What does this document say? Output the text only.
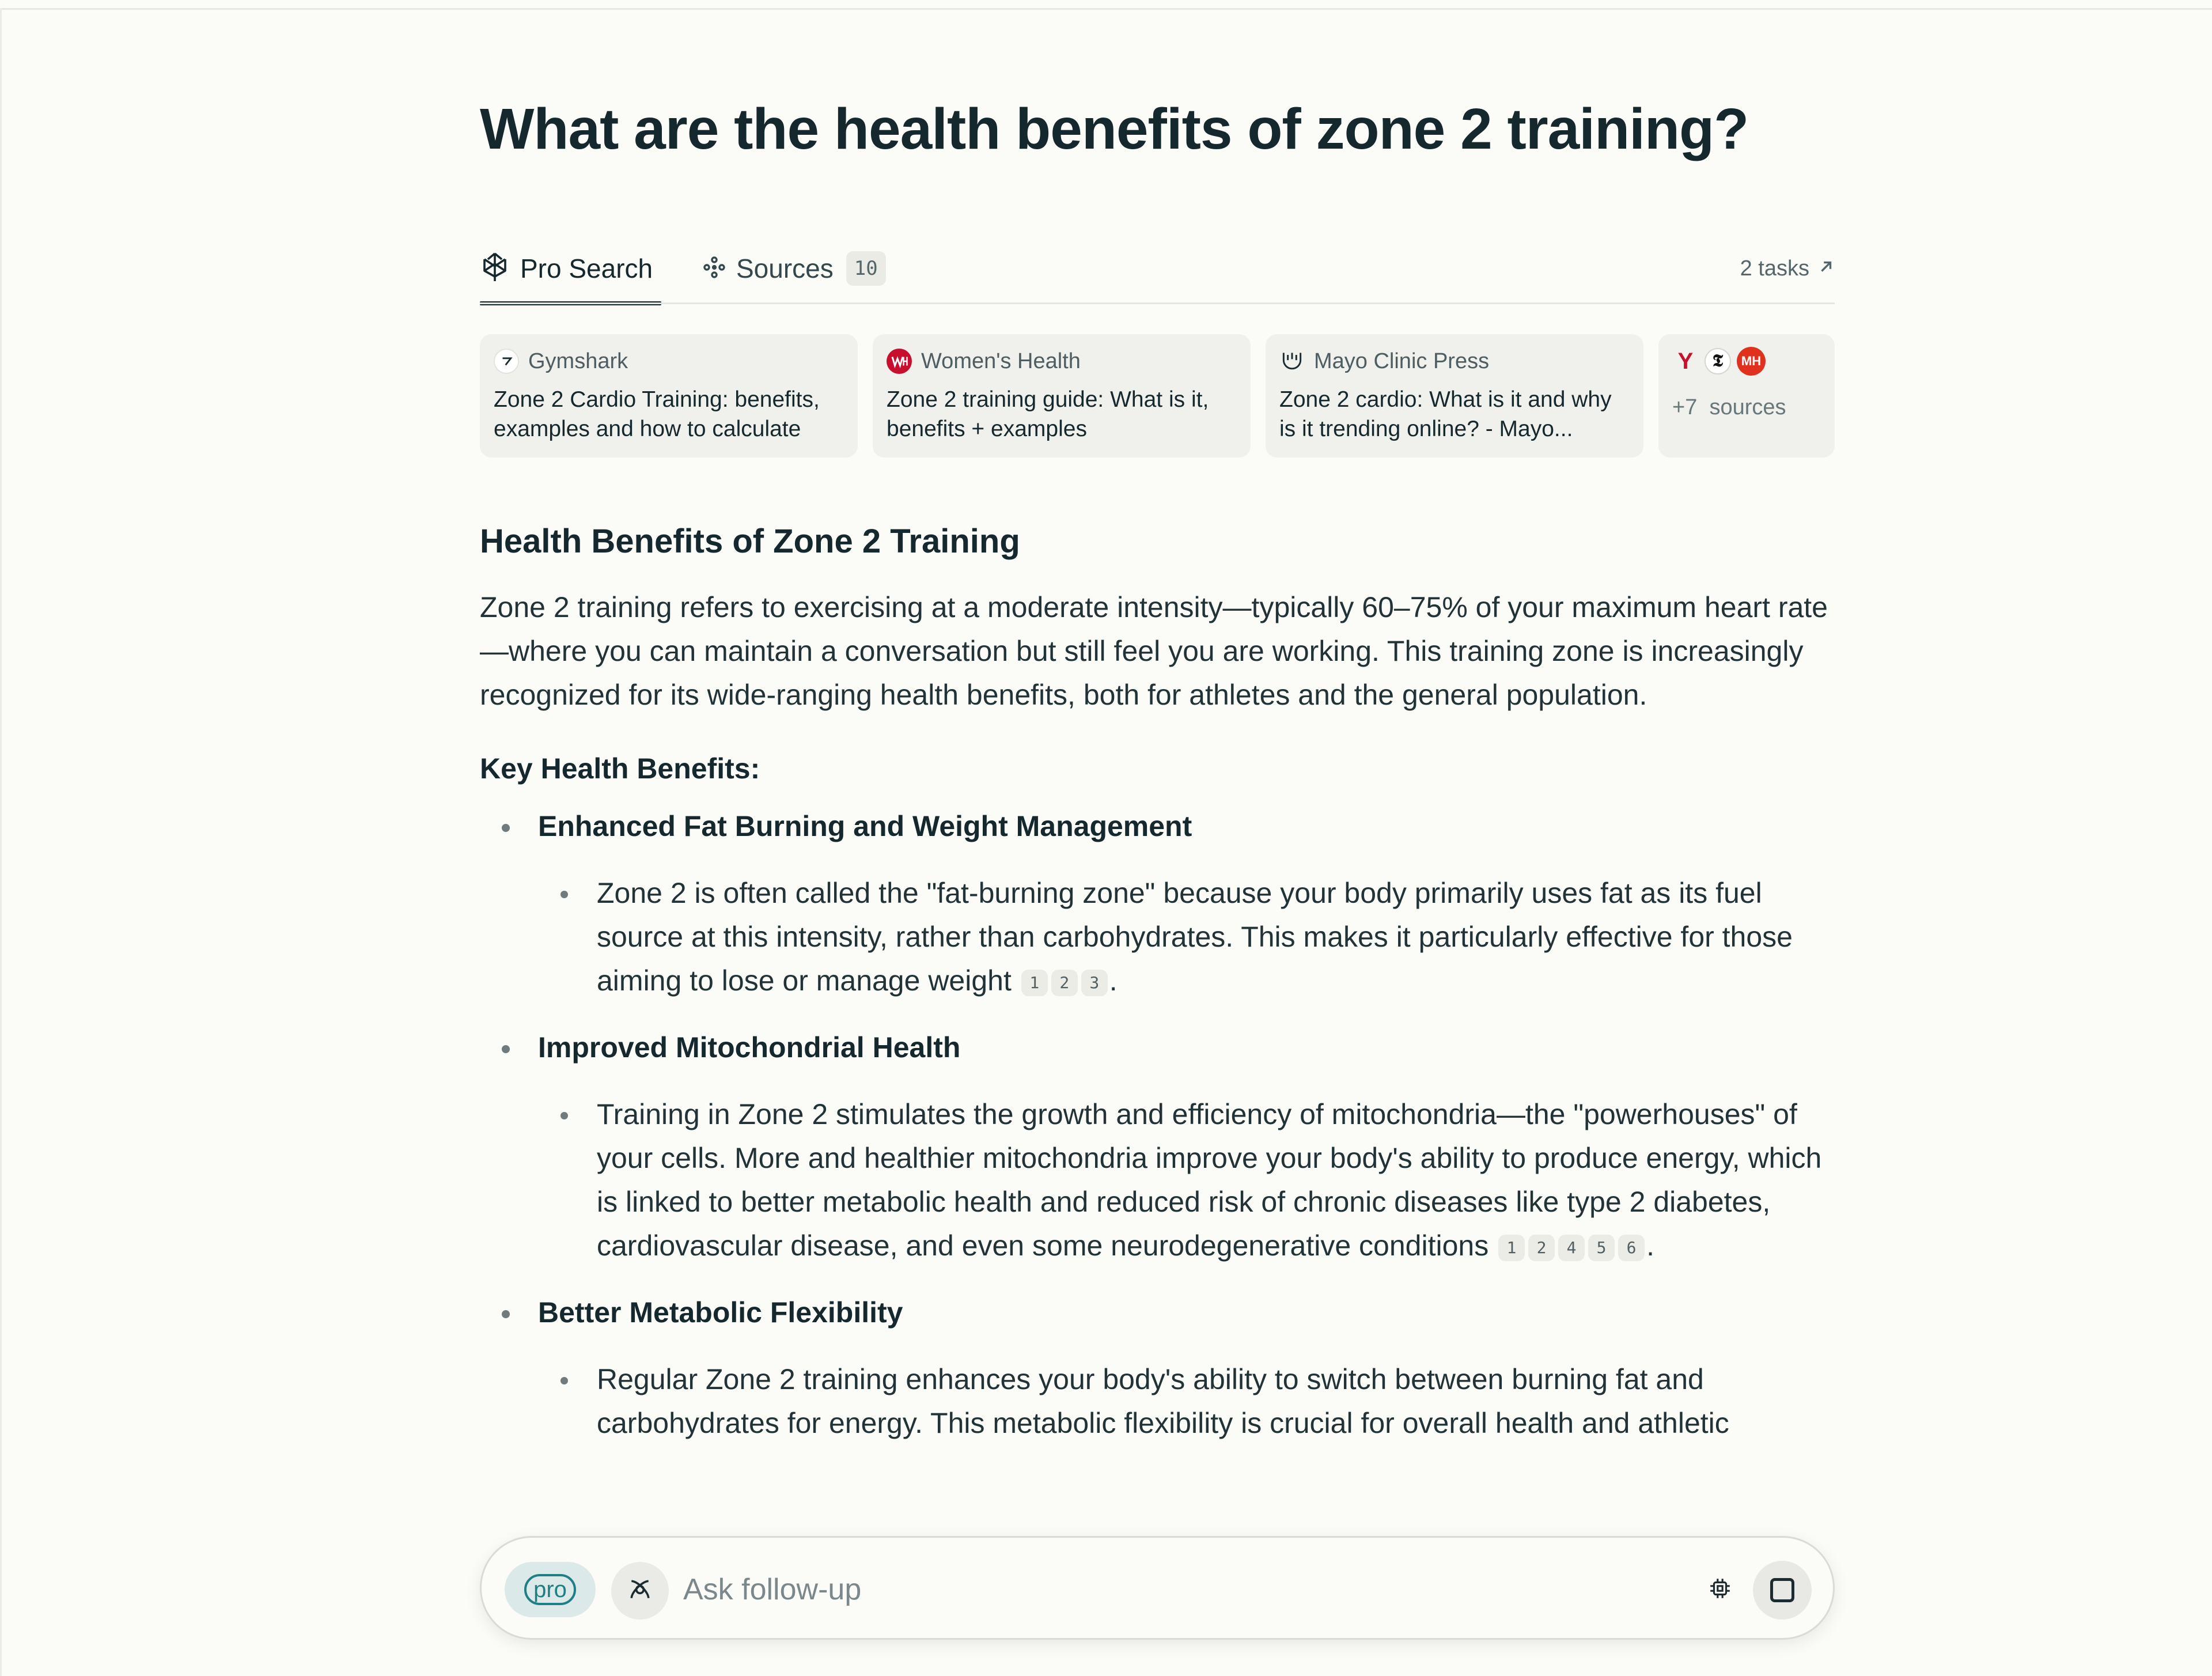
What are the health benefits of zone 2 training?
Pro Search	Sources	10	2 tasks
Gymshark
Zone 2 Cardio Training: benefits, examples and how to calculate
Women's Health
Zone 2 training guide: What is it, benefits + examples
Mayo Clinic Press
Zone 2 cardio: What is it and why is it trending online? - Mayo...
Y 𝕿 MH
+7 sources
Health Benefits of Zone 2 Training

Zone 2 training refers to exercising at a moderate intensity—typically 60–75% of your maximum heart rate—where you can maintain a conversation but still feel you are working. This training zone is increasingly recognized for its wide-ranging health benefits, both for athletes and the general population.

Key Health Benefits:
Enhanced Fat Burning and Weight Management
Zone 2 is often called the "fat-burning zone" because your body primarily uses fat as its fuel source at this intensity, rather than carbohydrates. This makes it particularly effective for those aiming to lose or manage weight 1 2 3 .
Improved Mitochondrial Health
Training in Zone 2 stimulates the growth and efficiency of mitochondria—the "powerhouses" of your cells. More and healthier mitochondria improve your body's ability to produce energy, which is linked to better metabolic health and reduced risk of chronic diseases like type 2 diabetes, cardiovascular disease, and even some neurodegenerative conditions 1 2 4 5 6 .
Better Metabolic Flexibility
Regular Zone 2 training enhances your body's ability to switch between burning fat and carbohydrates for energy. This metabolic flexibility is crucial for overall health and athletic
pro
Ask follow-up
